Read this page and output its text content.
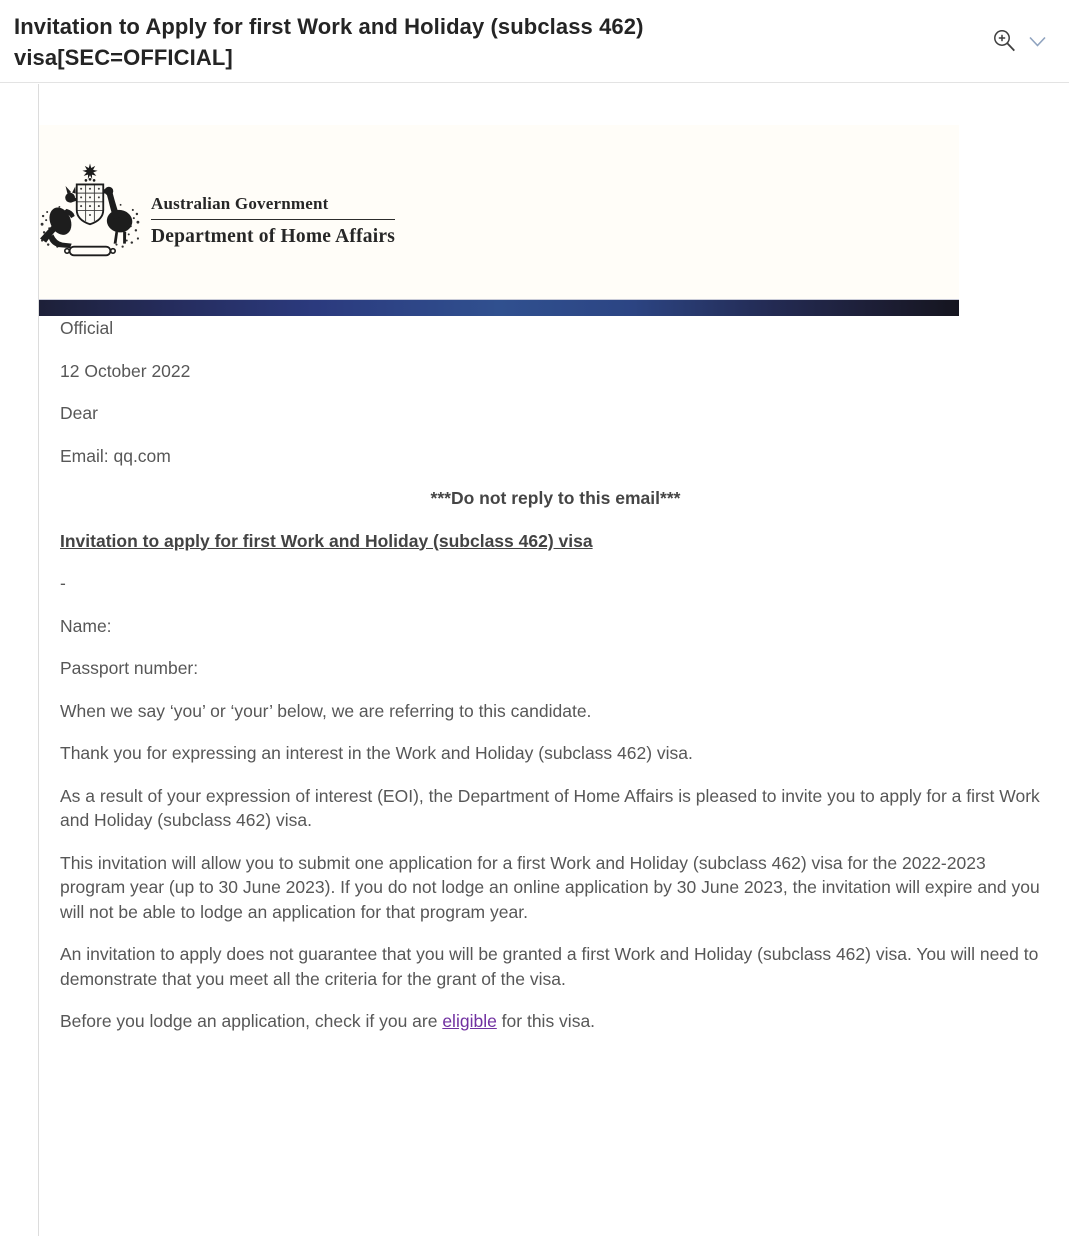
Invitation to Apply for first Work and Holiday (subclass 462) visa[SEC=OFFICIAL]
Australian Government
Department of Home Affairs

Official

12 October 2022

Dear

Email: qq.com

***Do not reply to this email***

Invitation to apply for first Work and Holiday (subclass 462) visa

-

Name:

Passport number:

When we say ‘you’ or ‘your’ below, we are referring to this candidate.

Thank you for expressing an interest in the Work and Holiday (subclass 462) visa.

As a result of your expression of interest (EOI), the Department of Home Affairs is pleased to invite you to apply for a first Work and Holiday (subclass 462) visa.

This invitation will allow you to submit one application for a first Work and Holiday (subclass 462) visa for the 2022-2023 program year (up to 30 June 2023). If you do not lodge an online application by 30 June 2023, the invitation will expire and you will not be able to lodge an application for that program year.

An invitation to apply does not guarantee that you will be granted a first Work and Holiday (subclass 462) visa. You will need to demonstrate that you meet all the criteria for the grant of the visa.

Before you lodge an application, check if you are eligible for this visa.
